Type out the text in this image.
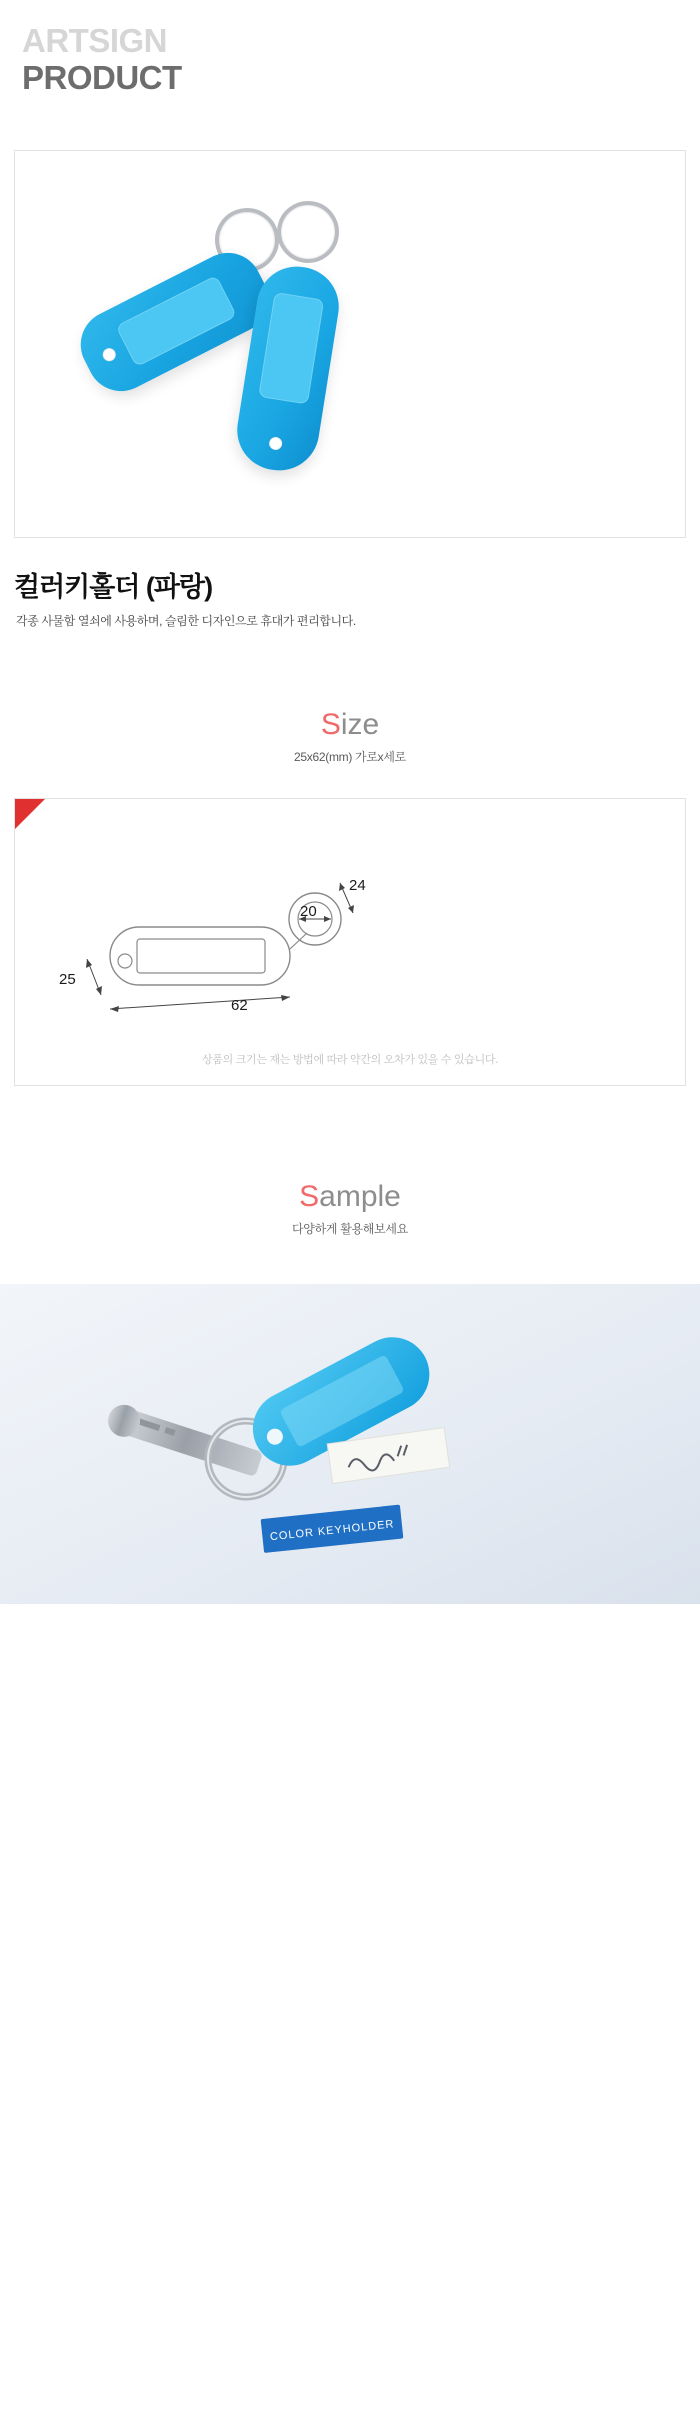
ARTSIGN
PRODUCT
컬러키홀더 (파랑)
각종 사물함 열쇠에 사용하며, 슬림한 디자인으로 휴대가 편리합니다.
Size
25x62(mm) 가로x세로
62
25
20
24
상품의 크기는 재는 방법에 따라 약간의 오차가 있을 수 있습니다.
Sample
다양하게 활용해보세요
COLOR KEYHOLDER
